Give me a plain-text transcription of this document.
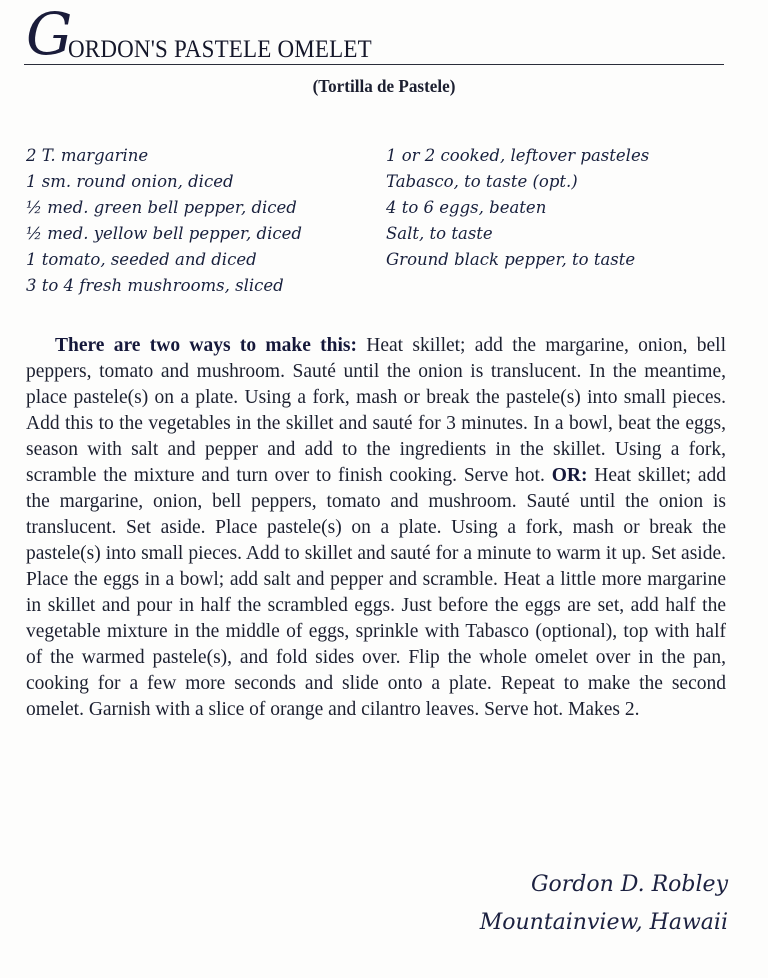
G
ORDON'S PASTELE OMELET
(Tortilla de Pastele)
2 T. margarine
1 sm. round onion, diced
½ med. green bell pepper, diced
½ med. yellow bell pepper, diced
1 tomato, seeded and diced
3 to 4 fresh mushrooms, sliced
1 or 2 cooked, leftover pasteles
Tabasco, to taste (opt.)
4 to 6 eggs, beaten
Salt, to taste
Ground black pepper, to taste

There are two ways to make this: Heat skillet; add the margarine, onion, bell peppers, tomato and mushroom. Sauté until the onion is translucent. In the meantime, place pastele(s) on a plate. Using a fork, mash or break the pastele(s) into small pieces. Add this to the vegetables in the skillet and sauté for 3 minutes. In a bowl, beat the eggs, season with salt and pepper and add to the ingredients in the skillet. Using a fork, scramble the mixture and turn over to finish cooking. Serve hot. OR: Heat skillet; add the margarine, onion, bell peppers, tomato and mushroom. Sauté until the onion is translucent. Set aside. Place pastele(s) on a plate. Using a fork, mash or break the pastele(s) into small pieces. Add to skillet and sauté for a minute to warm it up. Set aside. Place the eggs in a bowl; add salt and pepper and scramble. Heat a little more margarine in skillet and pour in half the scrambled eggs. Just before the eggs are set, add half the vegetable mixture in the middle of eggs, sprinkle with Tabasco (optional), top with half of the warmed pastele(s), and fold sides over. Flip the whole omelet over in the pan, cooking for a few more seconds and slide onto a plate. Repeat to make the second omelet. Garnish with a slice of orange and cilantro leaves. Serve hot. Makes 2.

Gordon D. Robley
Mountainview, Hawaii
